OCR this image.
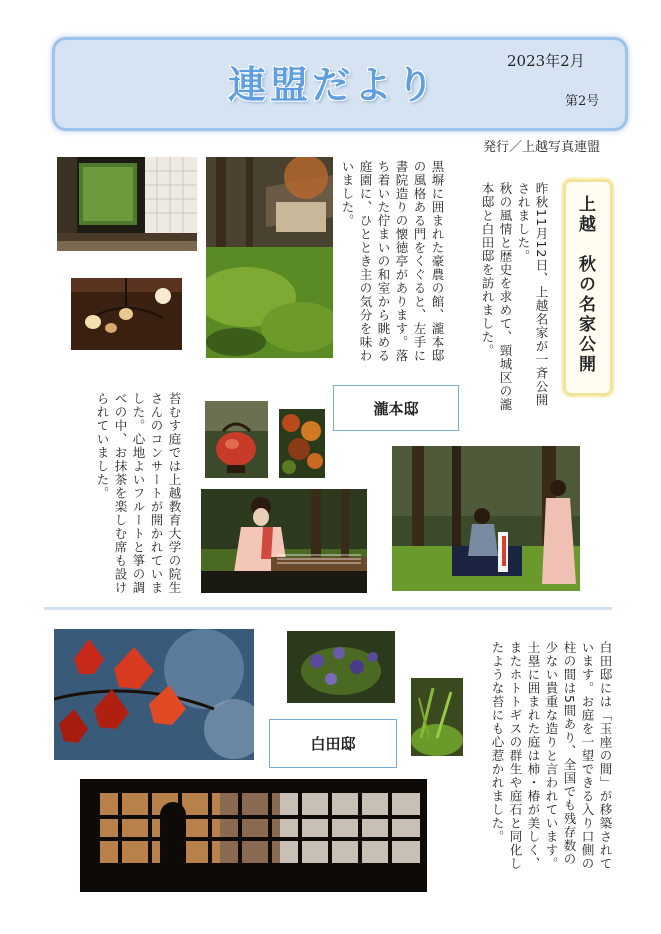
連盟だより
2023年2月
第2号
発行／上越写真連盟
上越　秋の名家公開
昨秋11月12日、上越名家が一斉公開されました。
秋の風情と歴史を求めて、頸城区の瀧本邸と白田邸を訪れました。
黒塀に囲まれた豪農の館、瀧本邸の風格ある門をくぐると、左手に書院造りの懐徳亭があります。落ち着いた佇まいの和室から眺める庭園に、ひととき主の気分を味わいました。
瀧本邸
苔むす庭では上越教育大学の院生さんのコンサートが開かれていました。心地よいフルートと箏の調べの中、お抹茶を楽しむ席も設けられていました。
白田邸には「玉座の間」が移築されています。お庭を一望できる入り口側の柱の間は5間あり、全国でも残存数の少ない貴重な造りと言われています。土塁に囲まれた庭は柿・椿が美しく、またホトトギスの群生や庭石と同化したような苔にも心惹かれました。
白田邸
